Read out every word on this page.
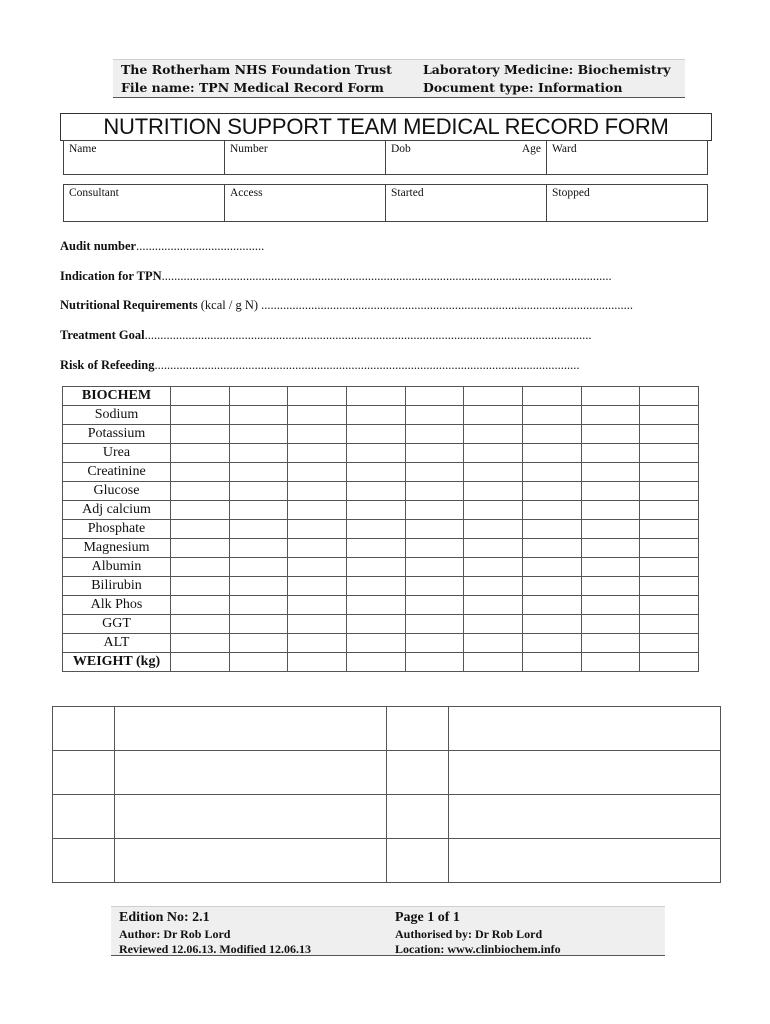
The Rotherham NHS Foundation Trust
File name: TPN Medical Record Form
Laboratory Medicine: Biochemistry
Document type: Information
NUTRITION SUPPORT TEAM MEDICAL RECORD FORM
Name	Number	Dob	Age	Ward
Consultant	Access	Started	Stopped
Audit number.........................................
Indication for TPN................................................................................................................................................
Nutritional Requirements (kcal / g N) .......................................................................................................................
Treatment Goal...............................................................................................................................................
Risk of Refeeding........................................................................................................................................
BIOCHEM									
Sodium									
Potassium									
Urea									
Creatinine									
Glucose									
Adj calcium									
Phosphate									
Magnesium									
Albumin									
Bilirubin									
Alk Phos									
GGT									
ALT									
WEIGHT (kg)									

Edition No: 2.1
Author: Dr Rob Lord
Reviewed 12.06.13. Modified 12.06.13
Page 1 of 1
Authorised by: Dr Rob Lord
Location: www.clinbiochem.info
